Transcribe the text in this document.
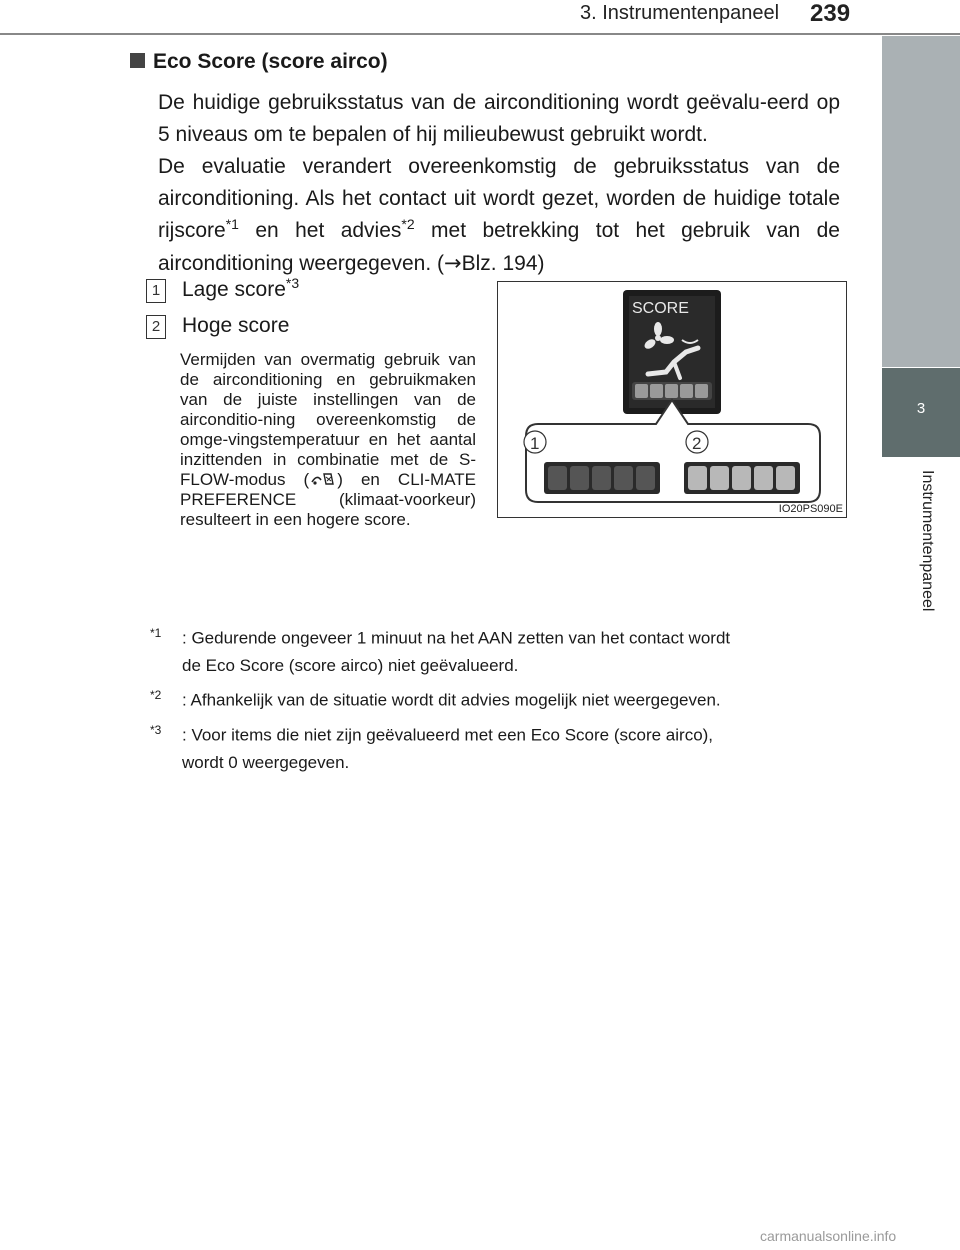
3. Instrumentenpaneel 239
3
Instrumentenpaneel
Eco Score (score airco)
De huidige gebruiksstatus van de airconditioning wordt geëvalu-eerd op 5 niveaus om te bepalen of hij milieubewust gebruikt wordt.
De evaluatie verandert overeenkomstig de gebruiksstatus van de airconditioning. Als het contact uit wordt gezet, worden de huidige totale rijscore$^{*1}$ en het advies$^{*2}$ met betrekking tot het gebruik van de airconditioning weergegeven. (→Blz. 194)
1 Lage score$^{*3}$
2 Hoge score
Vermijden van overmatig gebruik van de airconditioning en gebruikmaken van de juiste instellingen van de airconditio-ning overeenkomstig de omge-vingstemperatuur en het aantal inzittenden in combinatie met de S-FLOW-modus ( ) en CLI-MATE PREFERENCE (klimaat-voorkeur) resulteert in een hogere score.
SCORE
1	2
IO20PS090E
$^{*1}$ : Gedurende ongeveer 1 minuut na het AAN zetten van het contact wordt
de Eco Score (score airco) niet geëvalueerd.
$^{*2}$ : Afhankelijk van de situatie wordt dit advies mogelijk niet weergegeven.
$^{*3}$ : Voor items die niet zijn geëvalueerd met een Eco Score (score airco),
wordt 0 weergegeven.
carmanualsonline.info
